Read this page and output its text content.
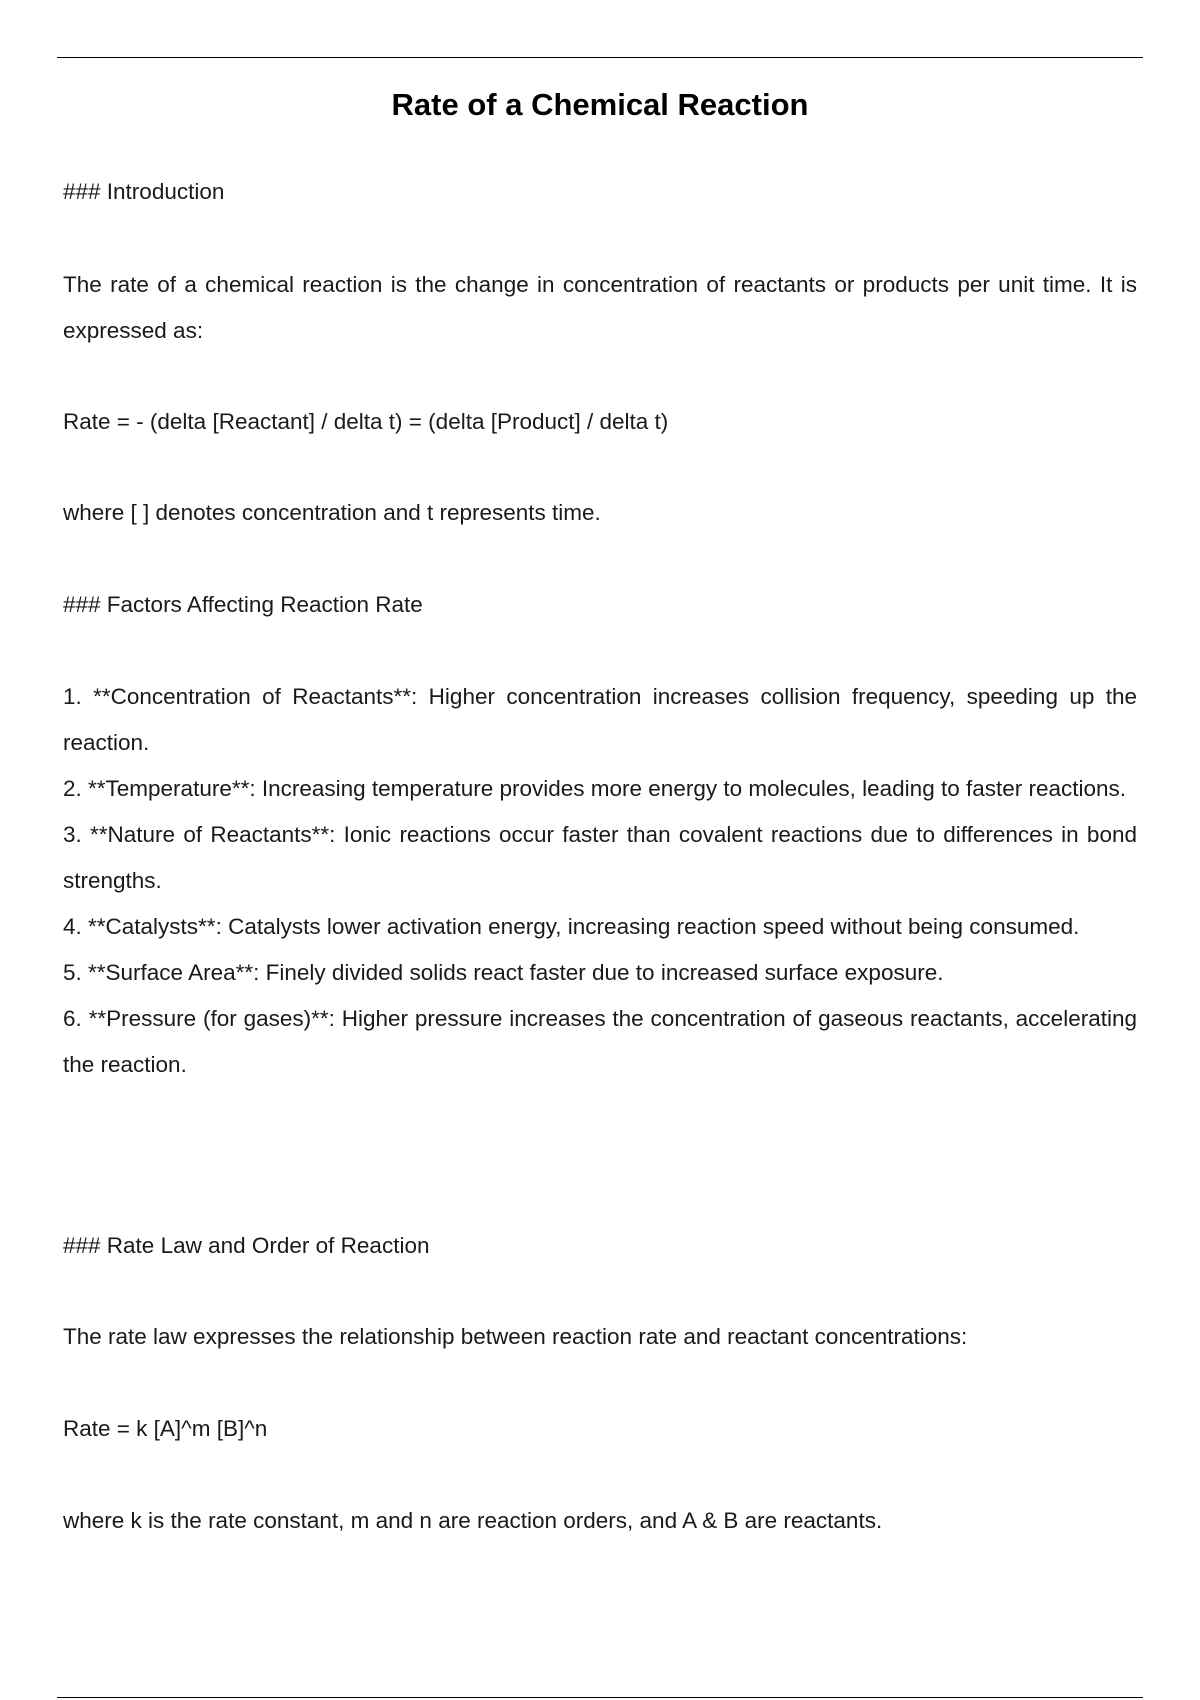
Rate of a Chemical Reaction

### Introduction

The rate of a chemical reaction is the change in concentration of reactants or products per unit time. It is expressed as:

Rate = - (delta [Reactant] / delta t) = (delta [Product] / delta t)

where [ ] denotes concentration and t represents time.

### Factors Affecting Reaction Rate

1. **Concentration of Reactants**: Higher concentration increases collision frequency, speeding up the reaction.
2. **Temperature**: Increasing temperature provides more energy to molecules, leading to faster reactions.
3. **Nature of Reactants**: Ionic reactions occur faster than covalent reactions due to differences in bond strengths.
4. **Catalysts**: Catalysts lower activation energy, increasing reaction speed without being consumed.
5. **Surface Area**: Finely divided solids react faster due to increased surface exposure.
6. **Pressure (for gases)**: Higher pressure increases the concentration of gaseous reactants, accelerating the reaction.

### Rate Law and Order of Reaction

The rate law expresses the relationship between reaction rate and reactant concentrations:

Rate = k [A]^m [B]^n

where k is the rate constant, m and n are reaction orders, and A & B are reactants.
